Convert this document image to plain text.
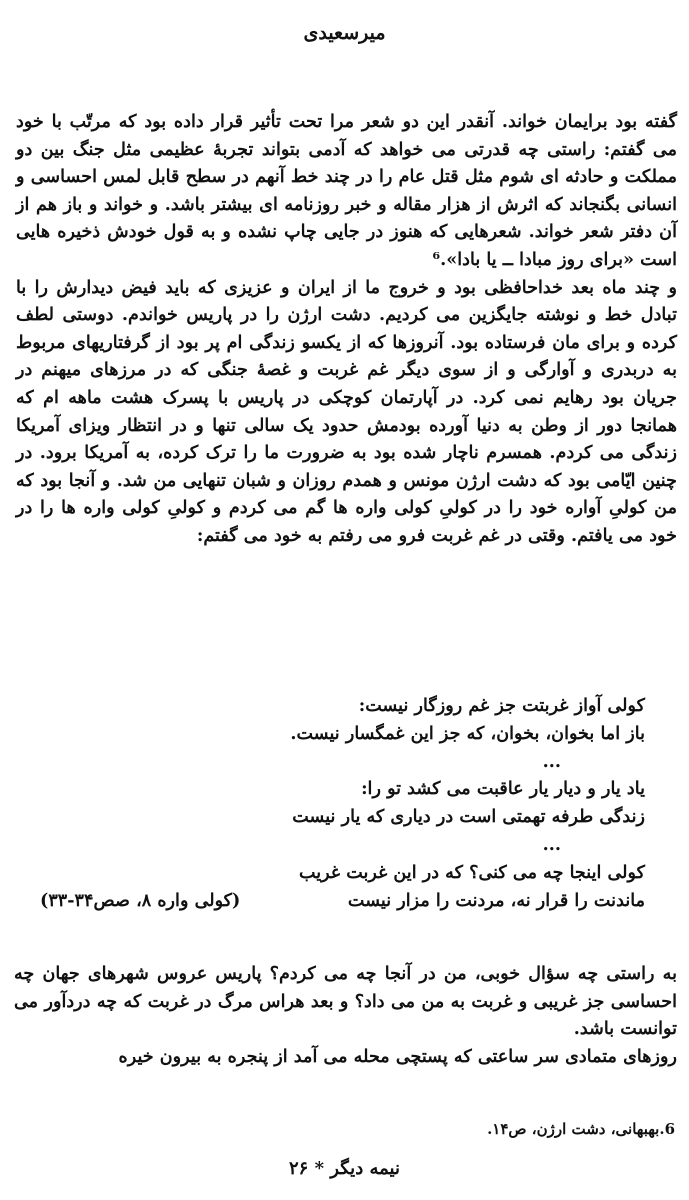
میرسعیدی

گفته بود برایمان خواند. آنقدر این دو شعر مرا تحت تأثیر قرار داده بود که مرتّب با خود می گفتم: راستی چه قدرتی می خواهد که آدمی بتواند تجربهٔ عظیمی مثل جنگ بین دو مملکت و حادثه ای شوم مثل قتل عام را در چند خط آنهم در سطح قابل لمس احساسی و انسانی بگنجاند که اثرش از هزار مقاله و خبر روزنامه ای بیشتر باشد. و خواند و باز هم از آن دفتر شعر خواند. شعرهایی که هنوز در جایی چاپ نشده و به قول خودش ذخیره هایی است «برای روز مبادا ــ یا بادا».⁶

و چند ماه بعد خداحافظی بود و خروج ما از ایران و عزیزی که باید فیض دیدارش را با تبادل خط و نوشته جایگزین می کردیم. دشت ارژن را در پاریس خواندم. دوستی لطف کرده و برای مان فرستاده بود. آنروزها که از یکسو زندگی ام پر بود از گرفتاریهای مربوط به دربدری و آوارگی و از سوی دیگر غم غربت و غصهٔ جنگی که در مرزهای میهنم در جریان بود رهایم نمی کرد. در آپارتمان کوچکی در پاریس با پسرک هشت ماهه ام که همانجا دور از وطن به دنیا آورده بودمش حدود یک سالی تنها و در انتظار ویزای آمریکا زندگی می کردم. همسرم ناچار شده بود به ضرورت ما را ترک کرده، به آمریکا برود. در چنین ایّامی بود که دشت ارژن مونس و همدم روزان و شبان تنهایی من شد. و آنجا بود که من کولیِ آواره خود را در کولیِ کولی واره ها گم می کردم و کولیِ کولی واره ها را در خود می یافتم. وقتی در غم غربت فرو می رفتم به خود می گفتم:

کولی آواز غربتت جز غم روزگار نیست:
باز اما بخوان، بخوان، که جز این غمگسار نیست.
...
یاد یار و دیار یار عاقبت می کشد تو را:
زندگی طرفه تهمتی است در دیاری که یار نیست
...
کولی اینجا چه می کنی؟ که در این غربت غریب
ماندنت را قرار نه، مردنت را مزار نیست
(کولی واره ۸، صص۳۴-۳۳)

به راستی چه سؤال خوبی، من در آنجا چه می کردم؟ پاریس عروس شهرهای جهان چه احساسی جز غریبی و غربت به من می داد؟ و بعد هراس مرگ در غربت که چه دردآور می توانست باشد.

روزهای متمادی سر ساعتی که پستچی محله می آمد از پنجره به بیرون خیره

6.بهبهانی، دشت ارژن، ص۱۴.
نیمه دیگر * ۲۶
